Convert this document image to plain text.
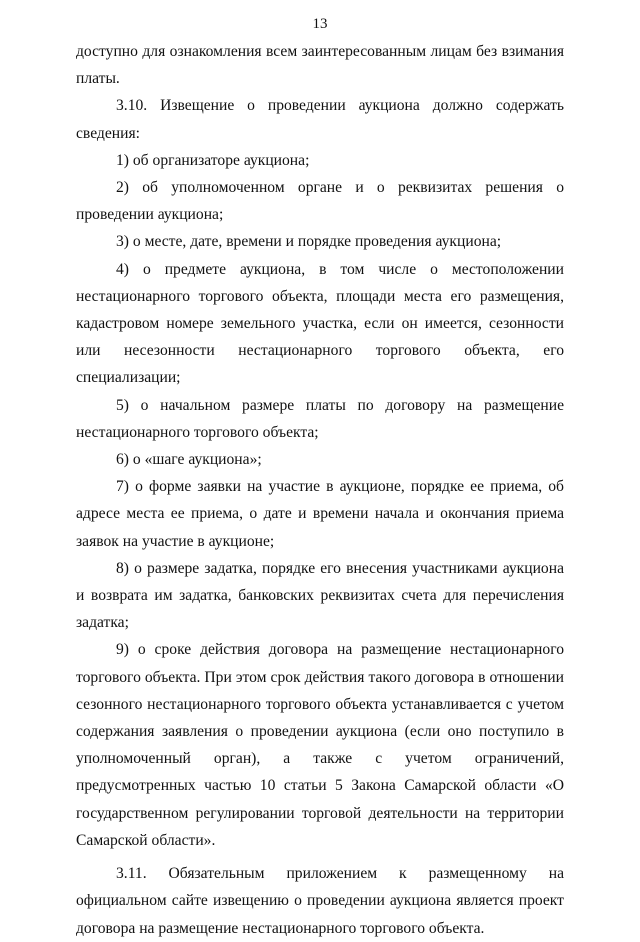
13

доступно для ознакомления всем заинтересованным лицам без взимания платы.

3.10. Извещение о проведении аукциона должно содержать сведения:

1) об организаторе аукциона;

2) об уполномоченном органе и о реквизитах решения о проведении аукциона;

3) о месте, дате, времени и порядке проведения аукциона;

4) о предмете аукциона, в том числе о местоположении нестационарного торгового объекта, площади места его размещения, кадастровом номере земельного участка, если он имеется, сезонности или несезонности нестационарного торгового объекта, его специализации;

5) о начальном размере платы по договору на размещение нестационарного торгового объекта;

6) о «шаге аукциона»;

7) о форме заявки на участие в аукционе, порядке ее приема, об адресе места ее приема, о дате и времени начала и окончания приема заявок на участие в аукционе;

8) о размере задатка, порядке его внесения участниками аукциона и возврата им задатка, банковских реквизитах счета для перечисления задатка;

9) о сроке действия договора на размещение нестационарного торгового объекта. При этом срок действия такого договора в отношении сезонного нестационарного торгового объекта устанавливается с учетом содержания заявления о проведении аукциона (если оно поступило в уполномоченный орган), а также с учетом ограничений, предусмотренных частью 10 статьи 5 Закона Самарской области «О государственном регулировании торговой деятельности на территории Самарской области».

3.11. Обязательным приложением к размещенному на официальном сайте извещению о проведении аукциона является проект договора на размещение нестационарного торгового объекта.
